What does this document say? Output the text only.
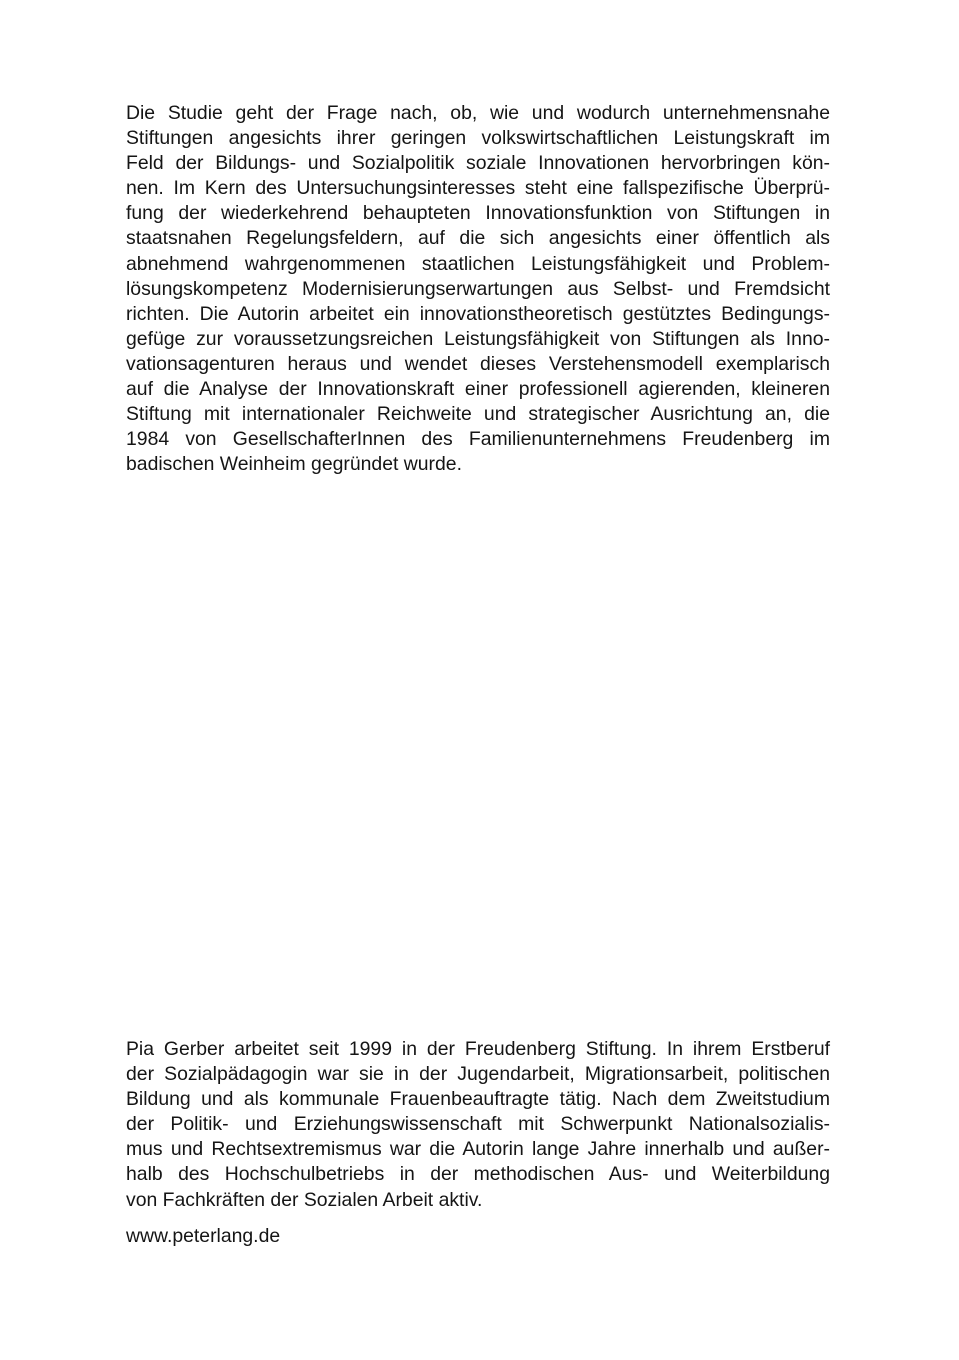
Die Studie geht der Frage nach, ob, wie und wodurch unternehmensnahe
Stiftungen angesichts ihrer geringen volkswirtschaftlichen Leistungskraft im
Feld der Bildungs- und Sozialpolitik soziale Innovationen hervorbringen kön-
nen. Im Kern des Untersuchungsinteresses steht eine fallspezifische Überprü-
fung der wiederkehrend behaupteten Innovationsfunktion von Stiftungen in
staatsnahen Regelungsfeldern, auf die sich angesichts einer öffentlich als
abnehmend wahrgenommenen staatlichen Leistungsfähigkeit und Problem-
lösungskompetenz Modernisierungserwartungen aus Selbst- und Fremdsicht
richten. Die Autorin arbeitet ein innovationstheoretisch gestütztes Bedingungs-
gefüge zur voraussetzungsreichen Leistungsfähigkeit von Stiftungen als Inno-
vationsagenturen heraus und wendet dieses Verstehensmodell exemplarisch
auf die Analyse der Innovationskraft einer professionell agierenden, kleineren
Stiftung mit internationaler Reichweite und strategischer Ausrichtung an, die
1984 von GesellschafterInnen des Familienunternehmens Freudenberg im
badischen Weinheim gegründet wurde.
Pia Gerber arbeitet seit 1999 in der Freudenberg Stiftung. In ihrem Erstberuf
der Sozialpädagogin war sie in der Jugendarbeit, Migrationsarbeit, politischen
Bildung und als kommunale Frauenbeauftragte tätig. Nach dem Zweitstudium
der Politik- und Erziehungswissenschaft mit Schwerpunkt Nationalsozialis-
mus und Rechtsextremismus war die Autorin lange Jahre innerhalb und außer-
halb des Hochschulbetriebs in der methodischen Aus- und Weiterbildung
von Fachkräften der Sozialen Arbeit aktiv.
www.peterlang.de
